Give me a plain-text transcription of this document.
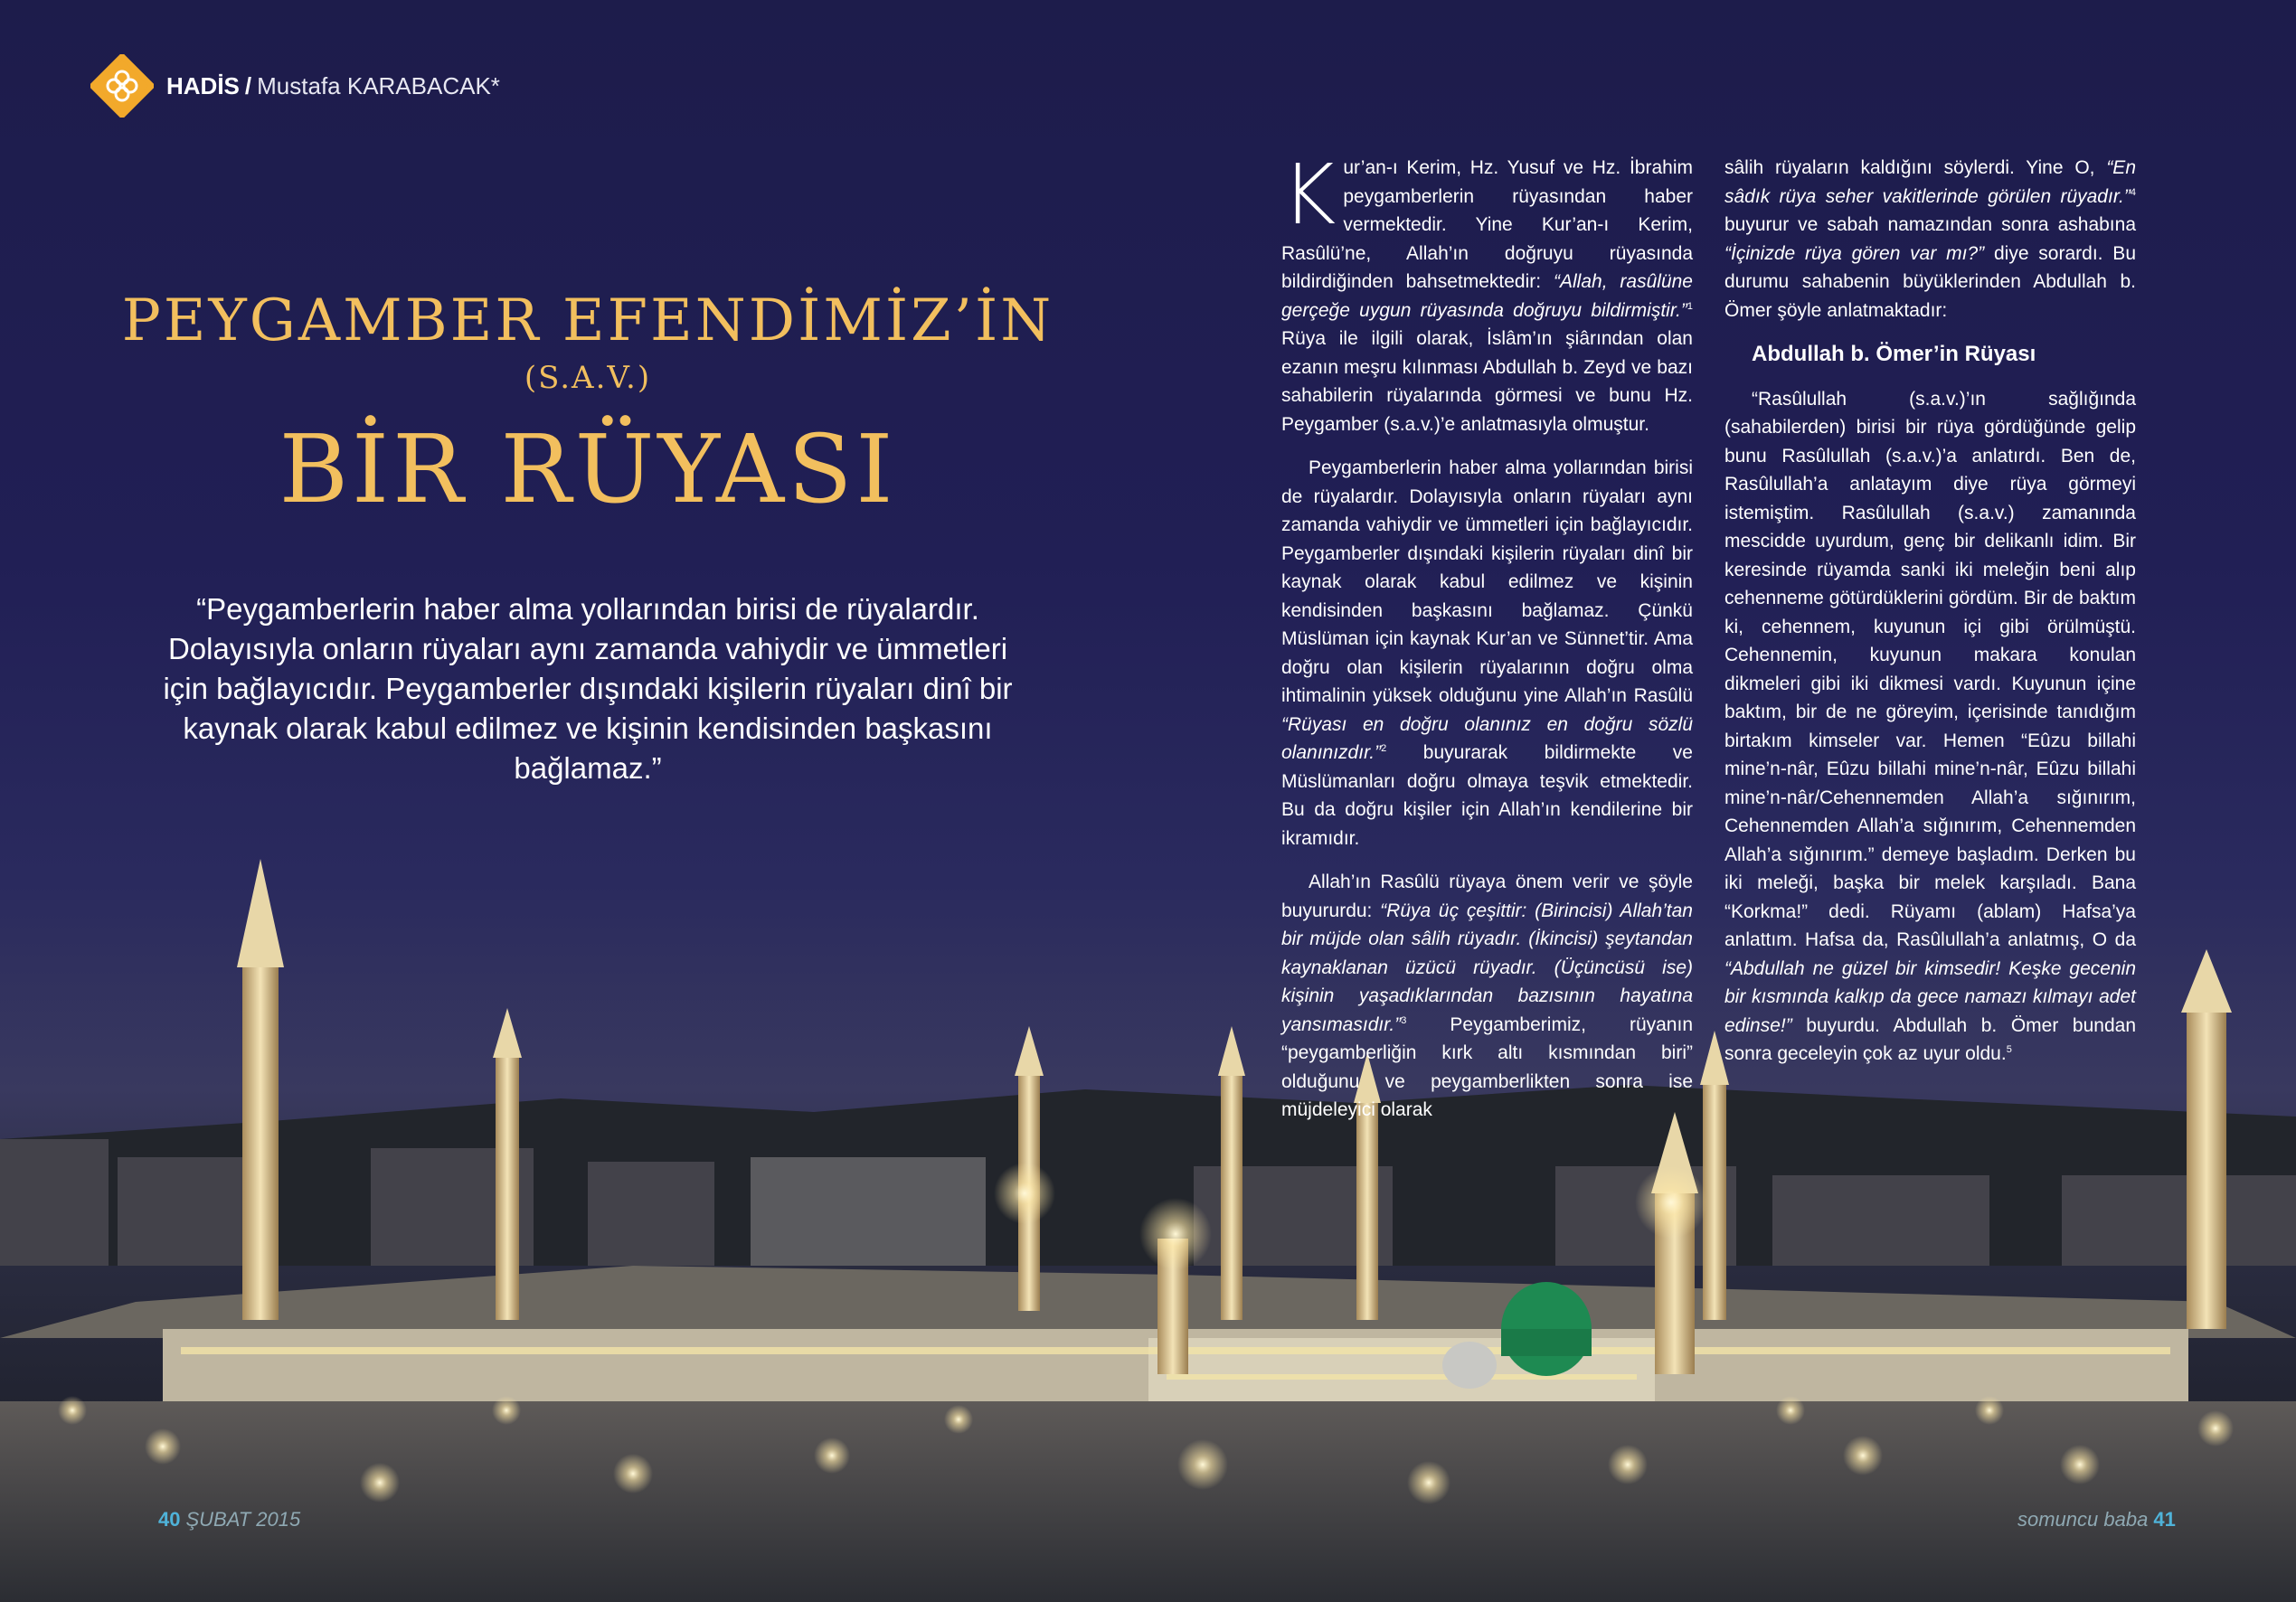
HADİS / Mustafa KARABACAK*
PEYGAMBER EFENDİMİZ’İN
(S.A.V.)
BİR RÜYASI
“Peygamberlerin haber alma yollarından birisi de rüyalardır. Dolayısıyla onların rüyaları aynı zamanda vahiydir ve ümmetleri için bağlayıcıdır. Peygamberler dışındaki kişilerin rüyaları dinî bir kaynak olarak kabul edilmez ve kişinin kendisinden başkasını bağlamaz.”

Kur’an-ı Kerim, Hz. Yusuf ve Hz. İbrahim peygamberlerin rüyasından haber vermektedir. Yine Kur’an-ı Kerim, Rasûlü’ne, Allah’ın doğruyu rüyasında bildirdiğinden bahsetmektedir: “Allah, rasûlüne gerçeğe uygun rüyasında doğruyu bildirmiştir.”$^1$ Rüya ile ilgili olarak, İslâm’ın şiârından olan ezanın meşru kılınması Abdullah b. Zeyd ve bazı sahabilerin rüyalarında görmesi ve bunu Hz. Peygamber (s.a.v.)’e anlatmasıyla olmuştur.

Peygamberlerin haber alma yollarından birisi de rüyalardır. Dolayısıyla onların rüyaları aynı zamanda vahiydir ve ümmetleri için bağlayıcıdır. Peygamberler dışındaki kişilerin rüyaları dinî bir kaynak olarak kabul edilmez ve kişinin kendisinden başkasını bağlamaz. Çünkü Müslüman için kaynak Kur’an ve Sünnet’tir. Ama doğru olan kişilerin rüyalarının doğru olma ihtimalinin yüksek olduğunu yine Allah’ın Rasûlü “Rüyası en doğru olanınız en doğru sözlü olanınızdır.”$^2$ buyurarak bildirmekte ve Müslümanları doğru olmaya teşvik etmektedir. Bu da doğru kişiler için Allah’ın kendilerine bir ikramıdır.

Allah’ın Rasûlü rüyaya önem verir ve şöyle buyururdu: “Rüya üç çeşittir: (Birincisi) Allah’tan bir müjde olan sâlih rüyadır. (İkincisi) şeytandan kaynaklanan üzücü rüyadır. (Üçüncüsü ise) kişinin yaşadıklarından bazısının hayatına yansımasıdır.”$^3$ Peygamberimiz, rüyanın “peygamberliğin kırk altı kısmından biri” olduğunu ve peygamberlikten sonra ise müjdeleyici olarak

sâlih rüyaların kaldığını söylerdi. Yine O, “En sâdık rüya seher vakitlerinde görülen rüyadır.”$^4$ buyurur ve sabah namazından sonra ashabına “İçinizde rüya gören var mı?” diye sorardı. Bu durumu sahabenin büyüklerinden Abdullah b. Ömer şöyle anlatmaktadır:

Abdullah b. Ömer’in Rüyası

“Rasûlullah (s.a.v.)’ın sağlığında (sahabilerden) birisi bir rüya gördüğünde gelip bunu Rasûlullah (s.a.v.)’a anlatırdı. Ben de, Rasûlullah’a anlatayım diye rüya görmeyi istemiştim. Rasûlullah (s.a.v.) zamanında mescidde uyurdum, genç bir delikanlı idim. Bir keresinde rüyamda sanki iki meleğin beni alıp cehenneme götürdüklerini gördüm. Bir de baktım ki, cehennem, kuyunun içi gibi örülmüştü. Cehennemin, kuyunun makara konulan dikmeleri gibi iki dikmesi vardı. Kuyunun içine baktım, bir de ne göreyim, içerisinde tanıdığım birtakım kimseler var. Hemen “Eûzu billahi mine’n-nâr, Eûzu billahi mine’n-nâr, Eûzu billahi mine’n-nâr/Cehennemden Allah’a sığınırım, Cehennemden Allah’a sığınırım, Cehennemden Allah’a sığınırım.” demeye başladım. Derken bu iki meleği, başka bir melek karşıladı. Bana “Korkma!” dedi. Rüyamı (ablam) Hafsa’ya anlattım. Hafsa da, Rasûlullah’a anlatmış, O da “Abdullah ne güzel bir kimsedir! Keşke gecenin bir kısmında kalkıp da gece namazı kılmayı adet edinse!” buyurdu. Abdullah b. Ömer bundan sonra geceleyin çok az uyur oldu.$^5$

40 ŞUBAT 2015	somuncu baba 41
